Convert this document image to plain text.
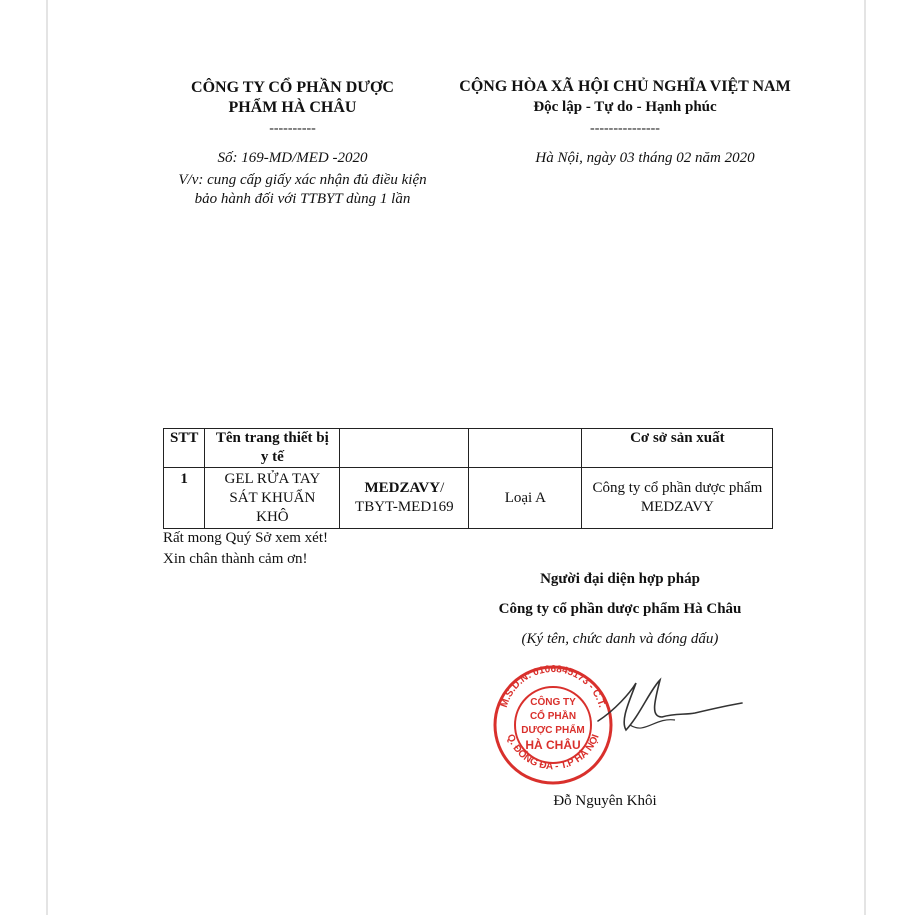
CÔNG TY CỔ PHẦN DƯỢC PHẨM HÀ CHÂU
----------
Số: 169-MD/MED -2020
V/v: cung cấp giấy xác nhận đủ điều kiện bảo hành đối với TTBYT dùng 1 lần
CỘNG HÒA XÃ HỘI CHỦ NGHĨA VIỆT NAM
Độc lập - Tự do - Hạnh phúc
---------------
Hà Nội, ngày 03 tháng 02 năm 2020
STT	Tên trang thiết bị y tế			Cơ sở sản xuất
1	GEL RỬA TAY SÁT KHUẨN KHÔ	MEDZAVY/ TBYT-MED169	Loại A	Công ty cổ phần dược phẩm MEDZAVY
Rất mong Quý Sở xem xét!
Xin chân thành cảm ơn!
Người đại diện hợp pháp
Công ty cổ phần dược phẩm Hà Châu
(Ký tên, chức danh và đóng dấu)
M.S.D.N: 0106845173 - C.T.
Q. ĐỐNG ĐA - T.P HÀ NỘI
CÔNG TY
CỔ PHẦN
DƯỢC PHẨM
HÀ CHÂU
Đỗ Nguyên Khôi
